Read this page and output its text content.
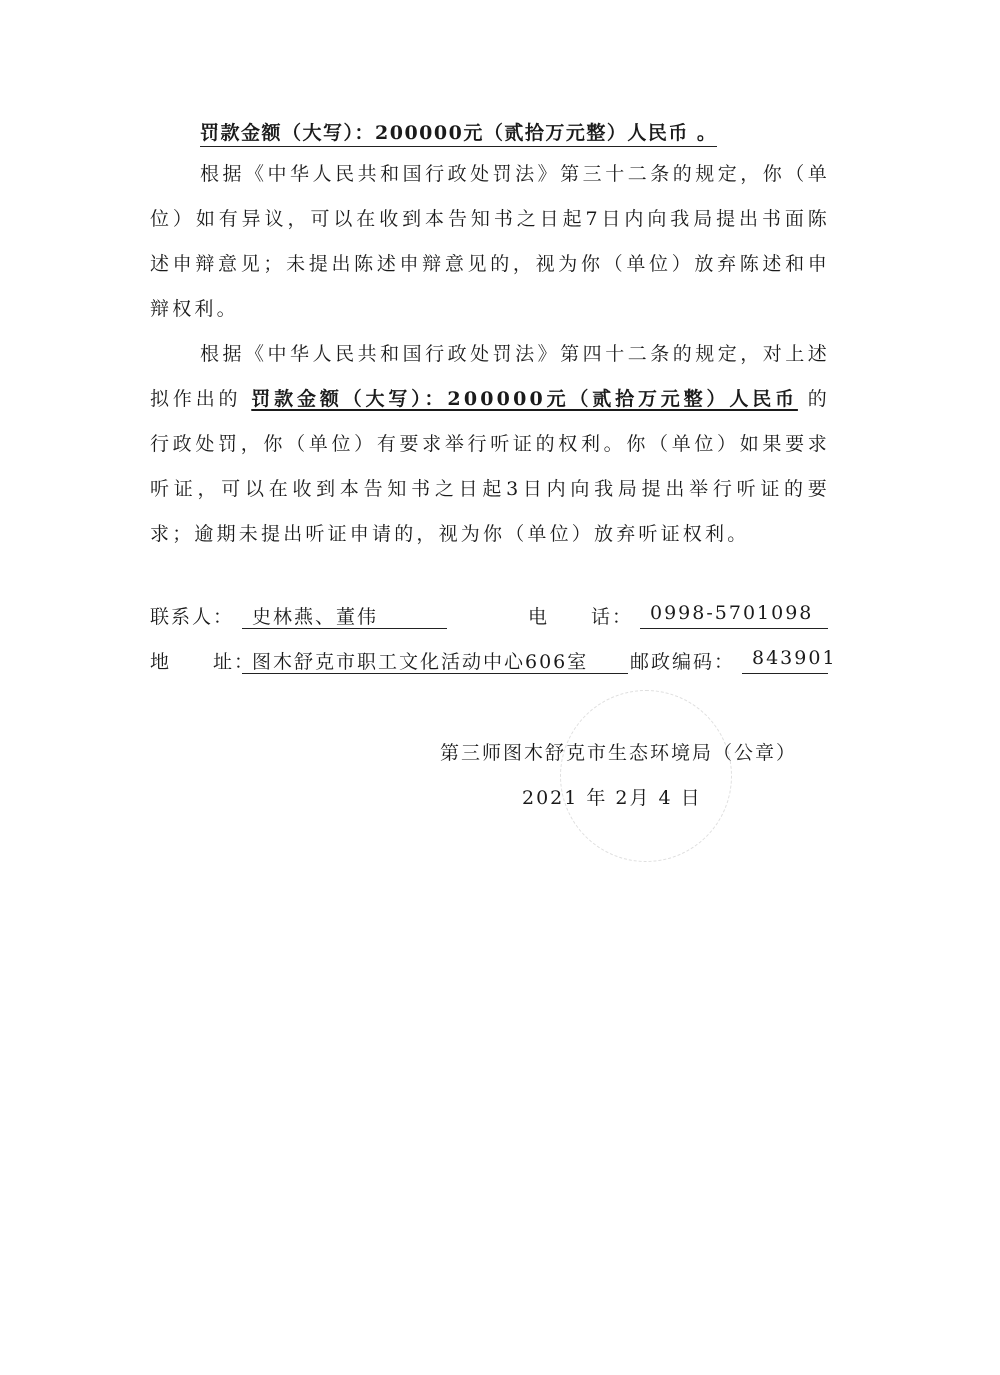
罚款金额（大写）：200000元（贰拾万元整）人民币 。

根据《中华人民共和国行政处罚法》第三十二条的规定，你（单位）如有异议，可以在收到本告知书之日起7日内向我局提出书面陈述申辩意见；未提出陈述申辩意见的，视为你（单位）放弃陈述和申辩权利。

根据《中华人民共和国行政处罚法》第四十二条的规定，对上述拟作出的 罚款金额（大写）：200000元（贰拾万元整）人民币 的行政处罚，你（单位）有要求举行听证的权利。你（单位）如果要求听证，可以在收到本告知书之日起3日内向我局提出举行听证的要求；逾期未提出听证申请的，视为你（单位）放弃听证权利。

联系人： 史林燕、董伟	电　　话： 0998-5701098
地　　址：
图木舒克市职工文化活动中心606室	邮政编码： 843901
第三师图木舒克市生态环境局（公章）
2021 年 2月 4 日
